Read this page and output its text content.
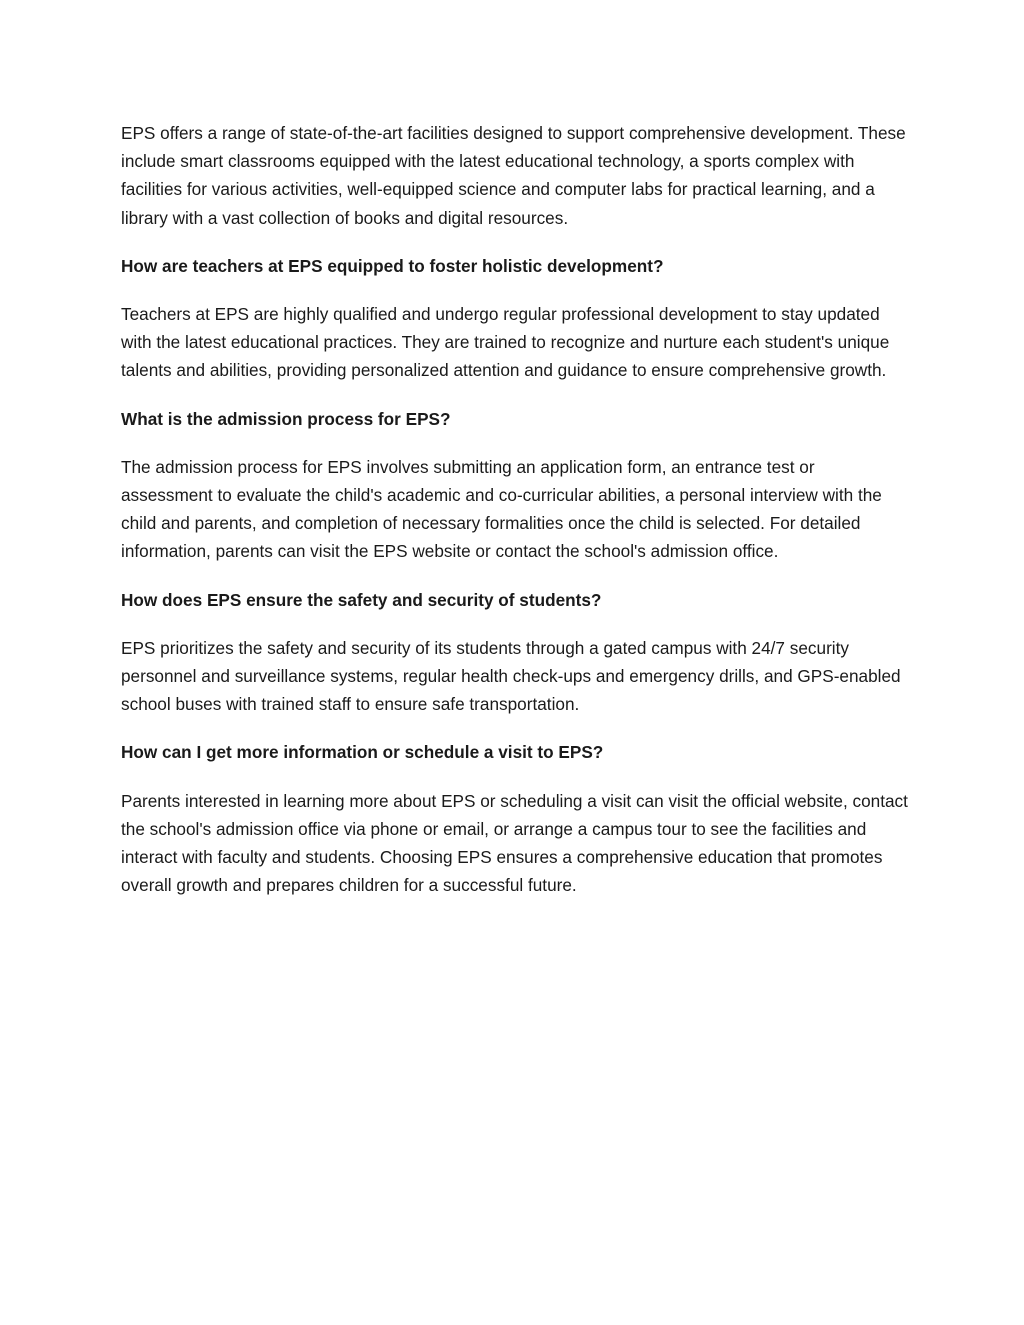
EPS offers a range of state-of-the-art facilities designed to support comprehensive development. These include smart classrooms equipped with the latest educational technology, a sports complex with facilities for various activities, well-equipped science and computer labs for practical learning, and a library with a vast collection of books and digital resources.

How are teachers at EPS equipped to foster holistic development?

Teachers at EPS are highly qualified and undergo regular professional development to stay updated with the latest educational practices. They are trained to recognize and nurture each student's unique talents and abilities, providing personalized attention and guidance to ensure comprehensive growth.

What is the admission process for EPS?

The admission process for EPS involves submitting an application form, an entrance test or assessment to evaluate the child's academic and co-curricular abilities, a personal interview with the child and parents, and completion of necessary formalities once the child is selected. For detailed information, parents can visit the EPS website or contact the school's admission office.

How does EPS ensure the safety and security of students?

EPS prioritizes the safety and security of its students through a gated campus with 24/7 security personnel and surveillance systems, regular health check-ups and emergency drills, and GPS-enabled school buses with trained staff to ensure safe transportation.

How can I get more information or schedule a visit to EPS?

Parents interested in learning more about EPS or scheduling a visit can visit the official website, contact the school's admission office via phone or email, or arrange a campus tour to see the facilities and interact with faculty and students. Choosing EPS ensures a comprehensive education that promotes overall growth and prepares children for a successful future.
